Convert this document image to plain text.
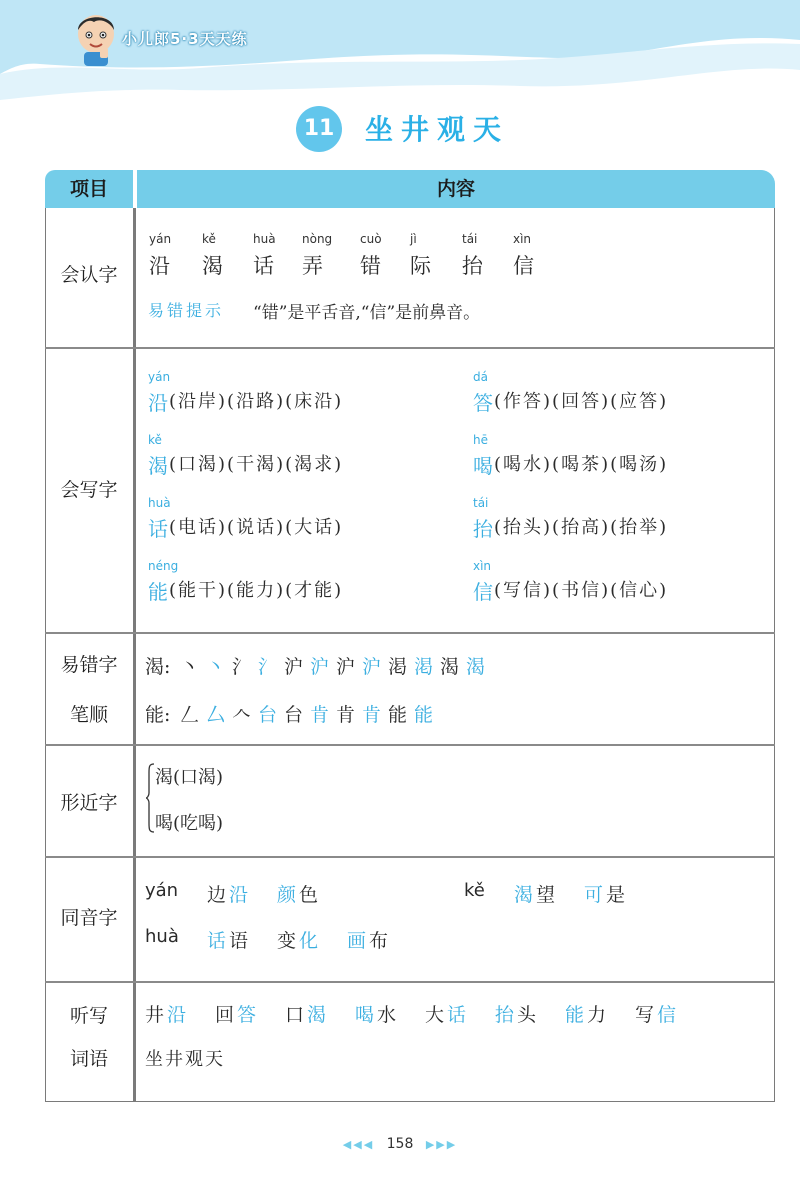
小儿郎5·3天天练
11 坐井观天
项目	内容
会认字
yán	kě	huà nòng cuò jì	tái	xìn
沿 渴 话 弄 错 际 抬 信
易错提示 “错”是平舌音,“信”是前鼻音。
会写字
yán
沿 (沿岸)(沿路)(床沿)
dá
答 (作答)(回答)(应答)
kě
渴 (口渴)(干渴)(渴求)
hē
喝 (喝水)(喝茶)(喝汤)
huà
话 (电话)(说话)(大话)
tái
抬 (抬头)(抬高)(抬举)
néng
能 (能干)(能力)(才能)
xìn
信 (写信)(书信)(信心)
易错字
笔顺
渴: 丶 丶 氵 氵 沪 沪 沪 沪 渇 渇 渴 渴
能: 𠃋 厶 𠆢 台 台 肯 肯 肯 能 能
形近字
渴(口渴)
喝(吃喝)
同音字
yán 边 沿 颜 色	kě 渴 望 可 是
huà 话 语 变 化 画 布
听写
词语
井 沿 回 答 口 渴 喝 水 大 话 抬 头 能 力 写 信
坐井观天
◀◀◀ 158 ▶▶▶
